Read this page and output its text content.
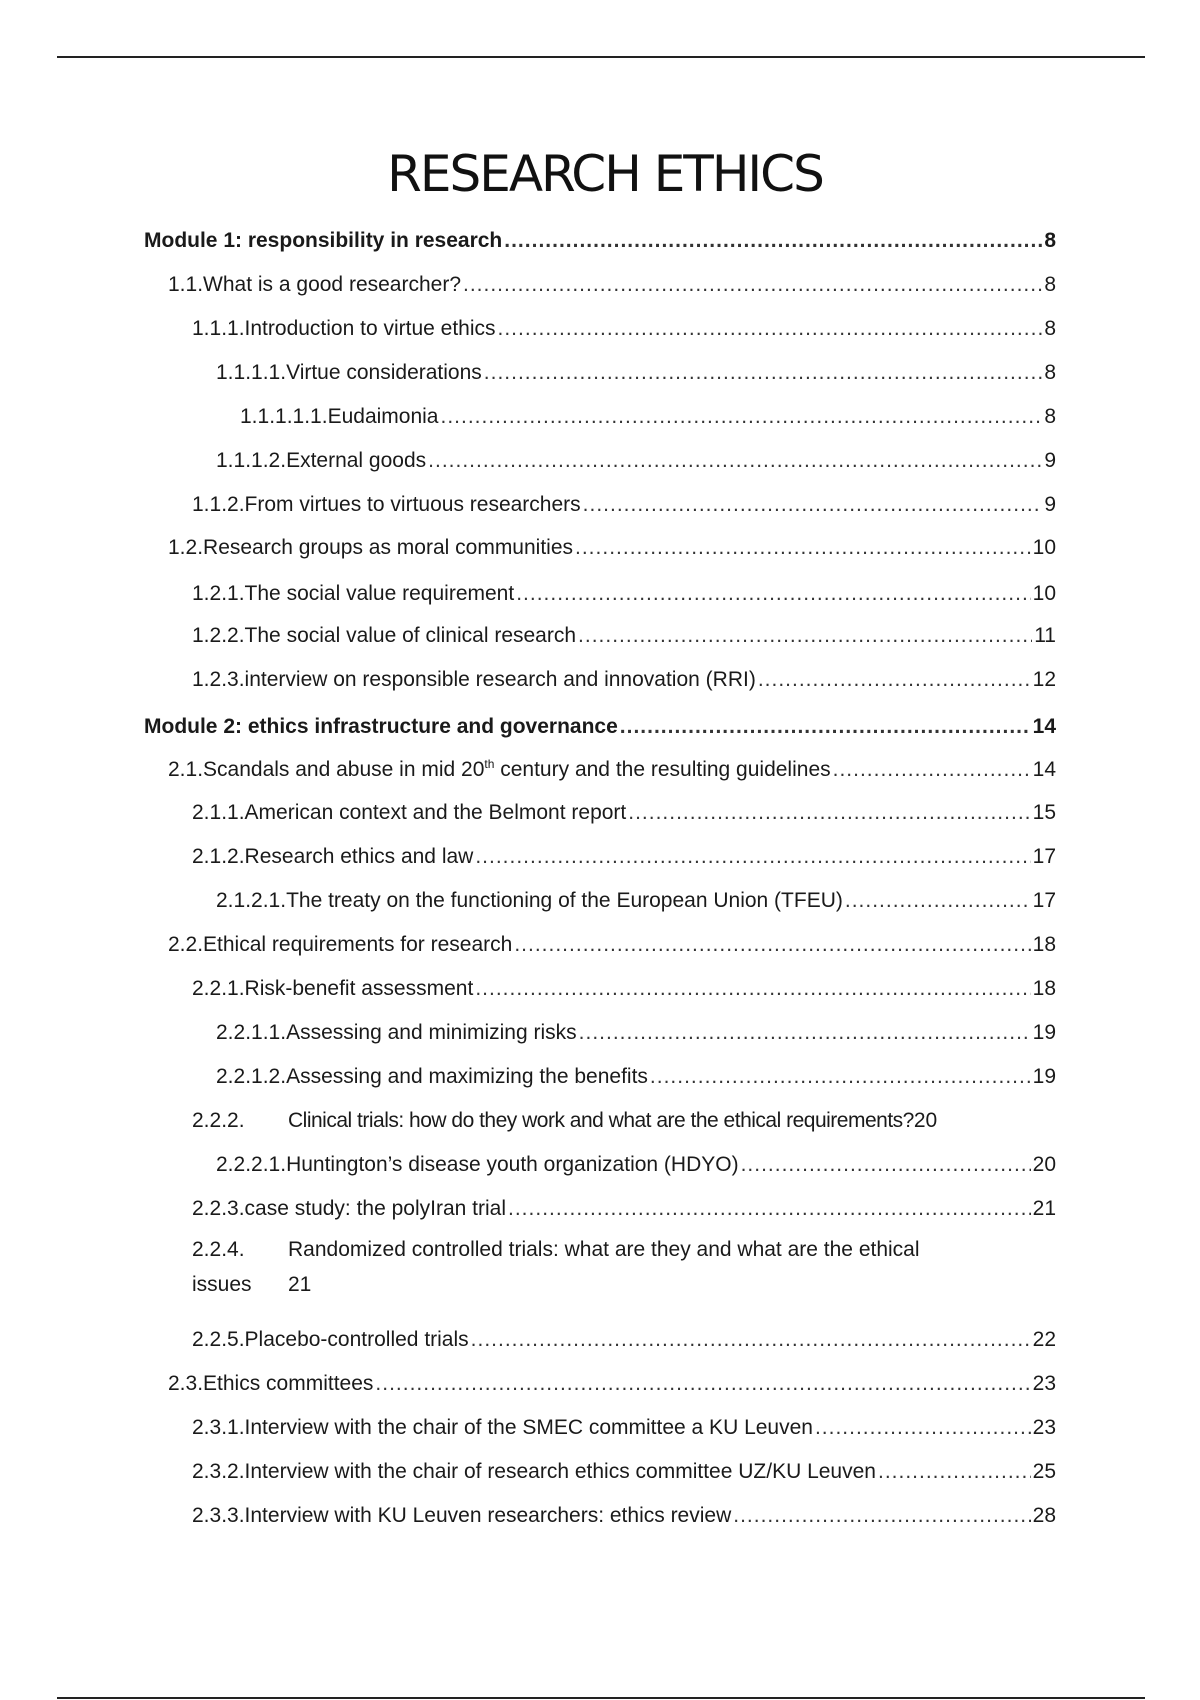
RESEARCH ETHICS
Module 1: responsibility in research .....	8
1.1. What is a good researcher? .....	8
1.1.1. Introduction to virtue ethics .....	8
1.1.1.1. Virtue considerations .....	8
1.1.1.1.1. Eudaimonia .....	8
1.1.1.2. External goods .....	9
1.1.2. From virtues to virtuous researchers .....	9
1.2. Research groups as moral communities .....	10
1.2.1. The social value requirement .....	10
1.2.2. The social value of clinical research .....	11
1.2.3. interview on responsible research and innovation (RRI) .....	12
Module 2: ethics infrastructure and governance .....	14
2.1. Scandals and abuse in mid 20th century and the resulting guidelines .....	14
2.1.1. American context and the Belmont report .....	15
2.1.2. Research ethics and law .....	17
2.1.2.1. The treaty on the functioning of the European Union (TFEU) .....	17
2.2. Ethical requirements for research .....	18
2.2.1. Risk-benefit assessment .....	18
2.2.1.1. Assessing and minimizing risks .....	19
2.2.1.2. Assessing and maximizing the benefits .....	19
2.2.2.	Clinical trials: how do they work and what are the ethical requirements? 20
2.2.2.1. Huntington’s disease youth organization (HDYO) .....	20
2.2.3. case study: the polyIran trial .....	21
2.2.4.	Randomized controlled trials: what are they and what are the ethical
issues	21
2.2.5. Placebo-controlled trials .....	22
2.3. Ethics committees .....	23
2.3.1. Interview with the chair of the SMEC committee a KU Leuven .....	23
2.3.2. Interview with the chair of research ethics committee UZ/KU Leuven .....	25
2.3.3. Interview with KU Leuven researchers: ethics review .....	28
